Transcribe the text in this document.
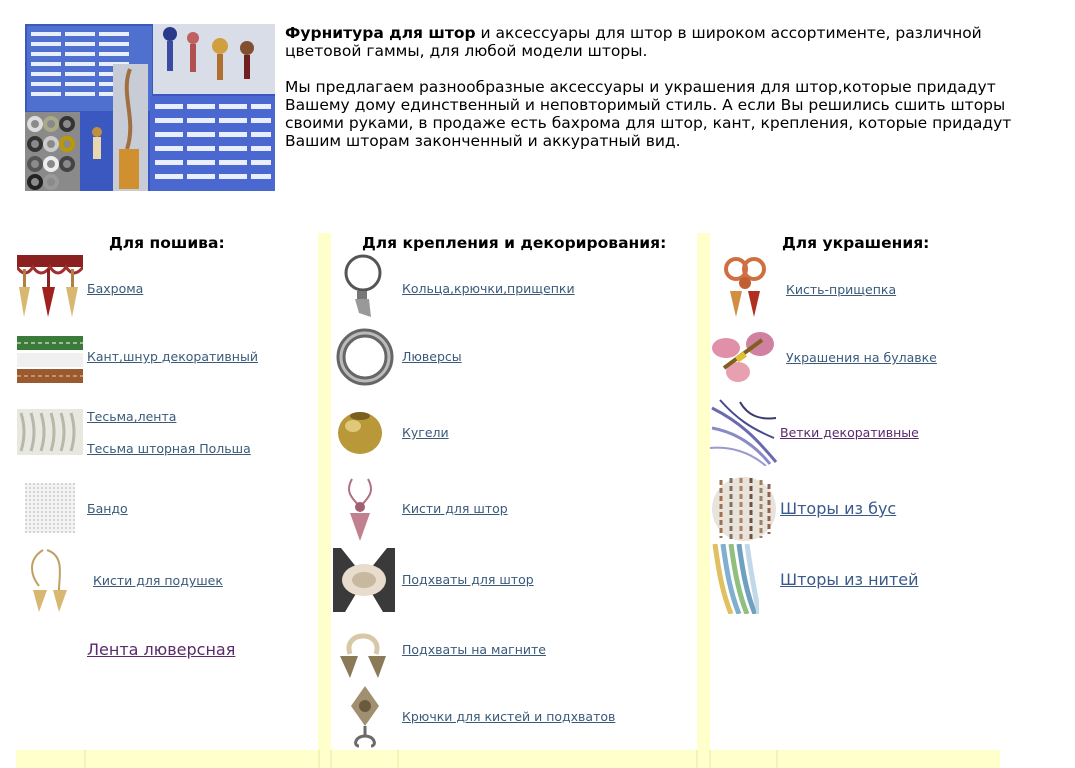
Фурнитура для штор и аксессуары для штор в широком ассортименте, различной цветовой гаммы, для любой модели шторы.

Мы предлагаем разнообразные аксессуары и украшения для штор,которые придадут Вашему дому единственный и неповторимый стиль. А если Вы решились сшить шторы своими руками, в продаже есть бахрома для штор, кант, крепления, которые придадут Вашим шторам законченный и аккуратный вид.

Для пошива:	Для крепления и декорирования:	Для украшения:
Бахрома
Кант,шнур декоративный
Тесьма,лента
Тесьма шторная Польша
Бандо
Кисти для подушек
Лента люверсная
Кольца,крючки,прищепки
Люверсы
Кугели
Кисти для штор
Подхваты для штор
Подхваты на магните
Крючки для кистей и подхватов
Кисть-прищепка
Украшения на булавке
Ветки декоративные
Шторы из бус
Шторы из нитей
